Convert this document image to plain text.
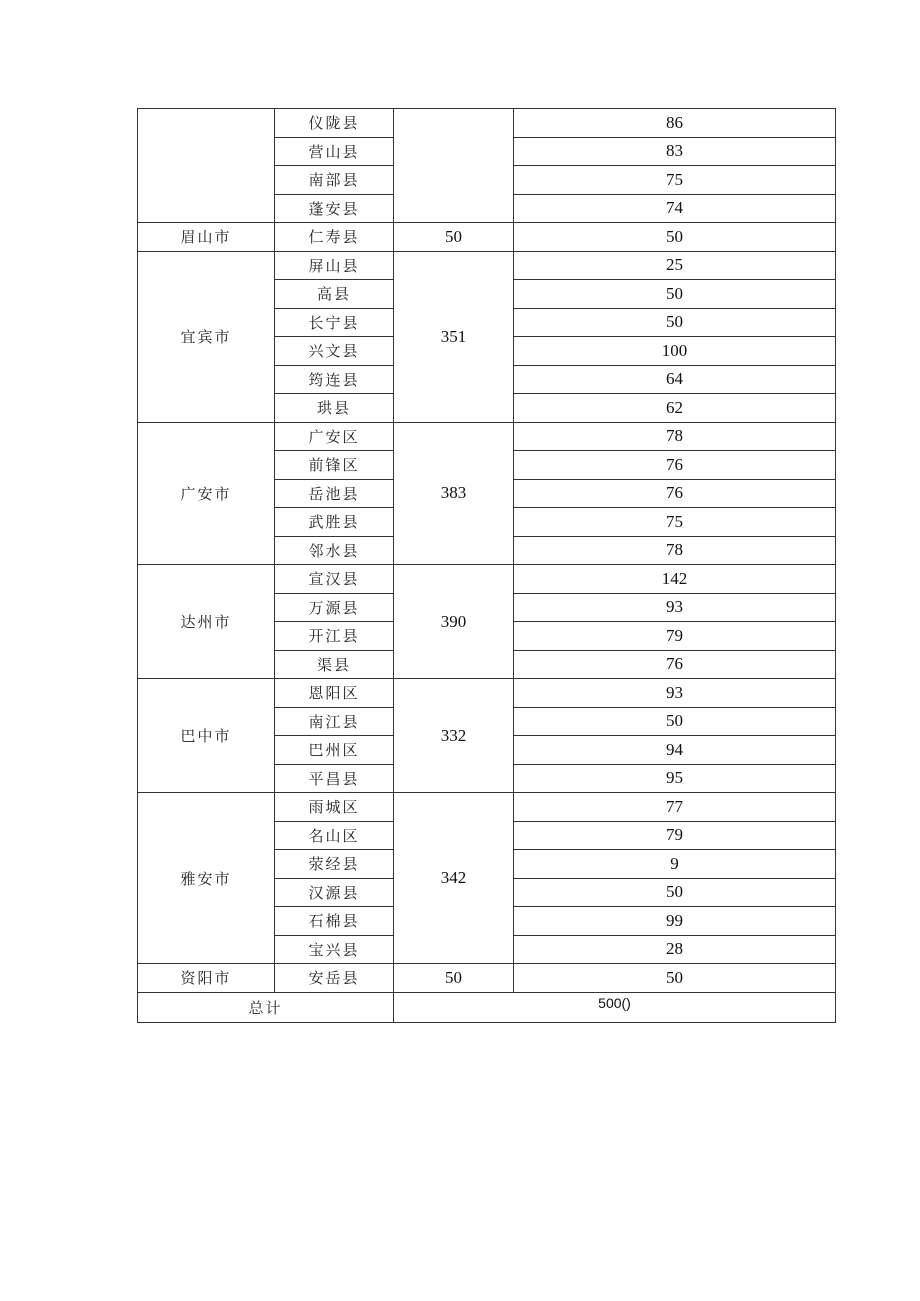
	仪陇县		86
	营山县		83
	南部县		75
	蓬安县		74
眉山市	仁寿县	50	50
宜宾市	屏山县	351	25
	高县		50
	长宁县		50
	兴文县		100
	筠连县		64
	珙县		62
广安市	广安区	383	78
	前锋区		76
	岳池县		76
	武胜县		75
	邻水县		78
达州市	宣汉县	390	142
	万源县		93
	开江县		79
	渠县		76
巴中市	恩阳区	332	93
	南江县		50
	巴州区		94
	平昌县		95
雅安市	雨城区	342	77
	名山区		79
	荥经县		9
	汉源县		50
	石棉县		99
	宝兴县		28
资阳市	安岳县	50	50
总计		500()	
